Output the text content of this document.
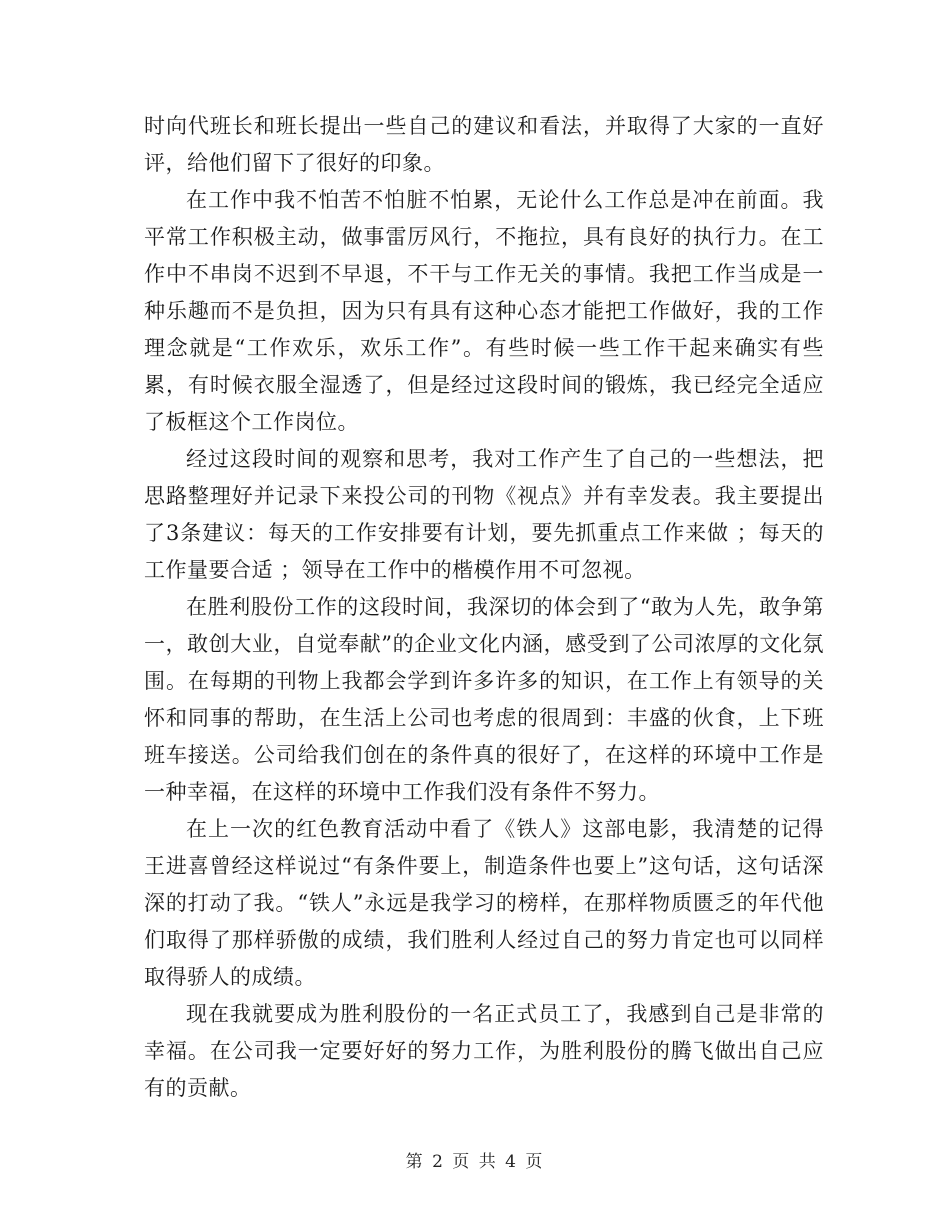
时向代班长和班长提出一些自己的建议和看法，并取得了大家的一直好评，给他们留下了很好的印象。

在工作中我不怕苦不怕脏不怕累，无论什么工作总是冲在前面。我平常工作积极主动，做事雷厉风行，不拖拉，具有良好的执行力。在工作中不串岗不迟到不早退，不干与工作无关的事情。我把工作当成是一种乐趣而不是负担，因为只有具有这种心态才能把工作做好，我的工作理念就是“工作欢乐，欢乐工作”。有些时候一些工作干起来确实有些累，有时候衣服全湿透了，但是经过这段时间的锻炼，我已经完全适应了板框这个工作岗位。

经过这段时间的观察和思考，我对工作产生了自己的一些想法，把思路整理好并记录下来投公司的刊物《视点》并有幸发表。我主要提出了3条建议：每天的工作安排要有计划，要先抓重点工作来做 ；每天的工作量要合适 ；领导在工作中的楷模作用不可忽视。

在胜利股份工作的这段时间，我深切的体会到了“敢为人先，敢争第一，敢创大业，自觉奉献”的企业文化内涵，感受到了公司浓厚的文化氛围。在每期的刊物上我都会学到许多许多的知识，在工作上有领导的关怀和同事的帮助，在生活上公司也考虑的很周到：丰盛的伙食，上下班班车接送。公司给我们创在的条件真的很好了，在这样的环境中工作是一种幸福，在这样的环境中工作我们没有条件不努力。

在上一次的红色教育活动中看了《铁人》这部电影，我清楚的记得王进喜曾经这样说过“有条件要上，制造条件也要上”这句话，这句话深深的打动了我。“铁人”永远是我学习的榜样，在那样物质匮乏的年代他们取得了那样骄傲的成绩，我们胜利人经过自己的努力肯定也可以同样取得骄人的成绩。

现在我就要成为胜利股份的一名正式员工了，我感到自己是非常的幸福。在公司我一定要好好的努力工作，为胜利股份的腾飞做出自己应有的贡献。

第 2 页 共 4 页
